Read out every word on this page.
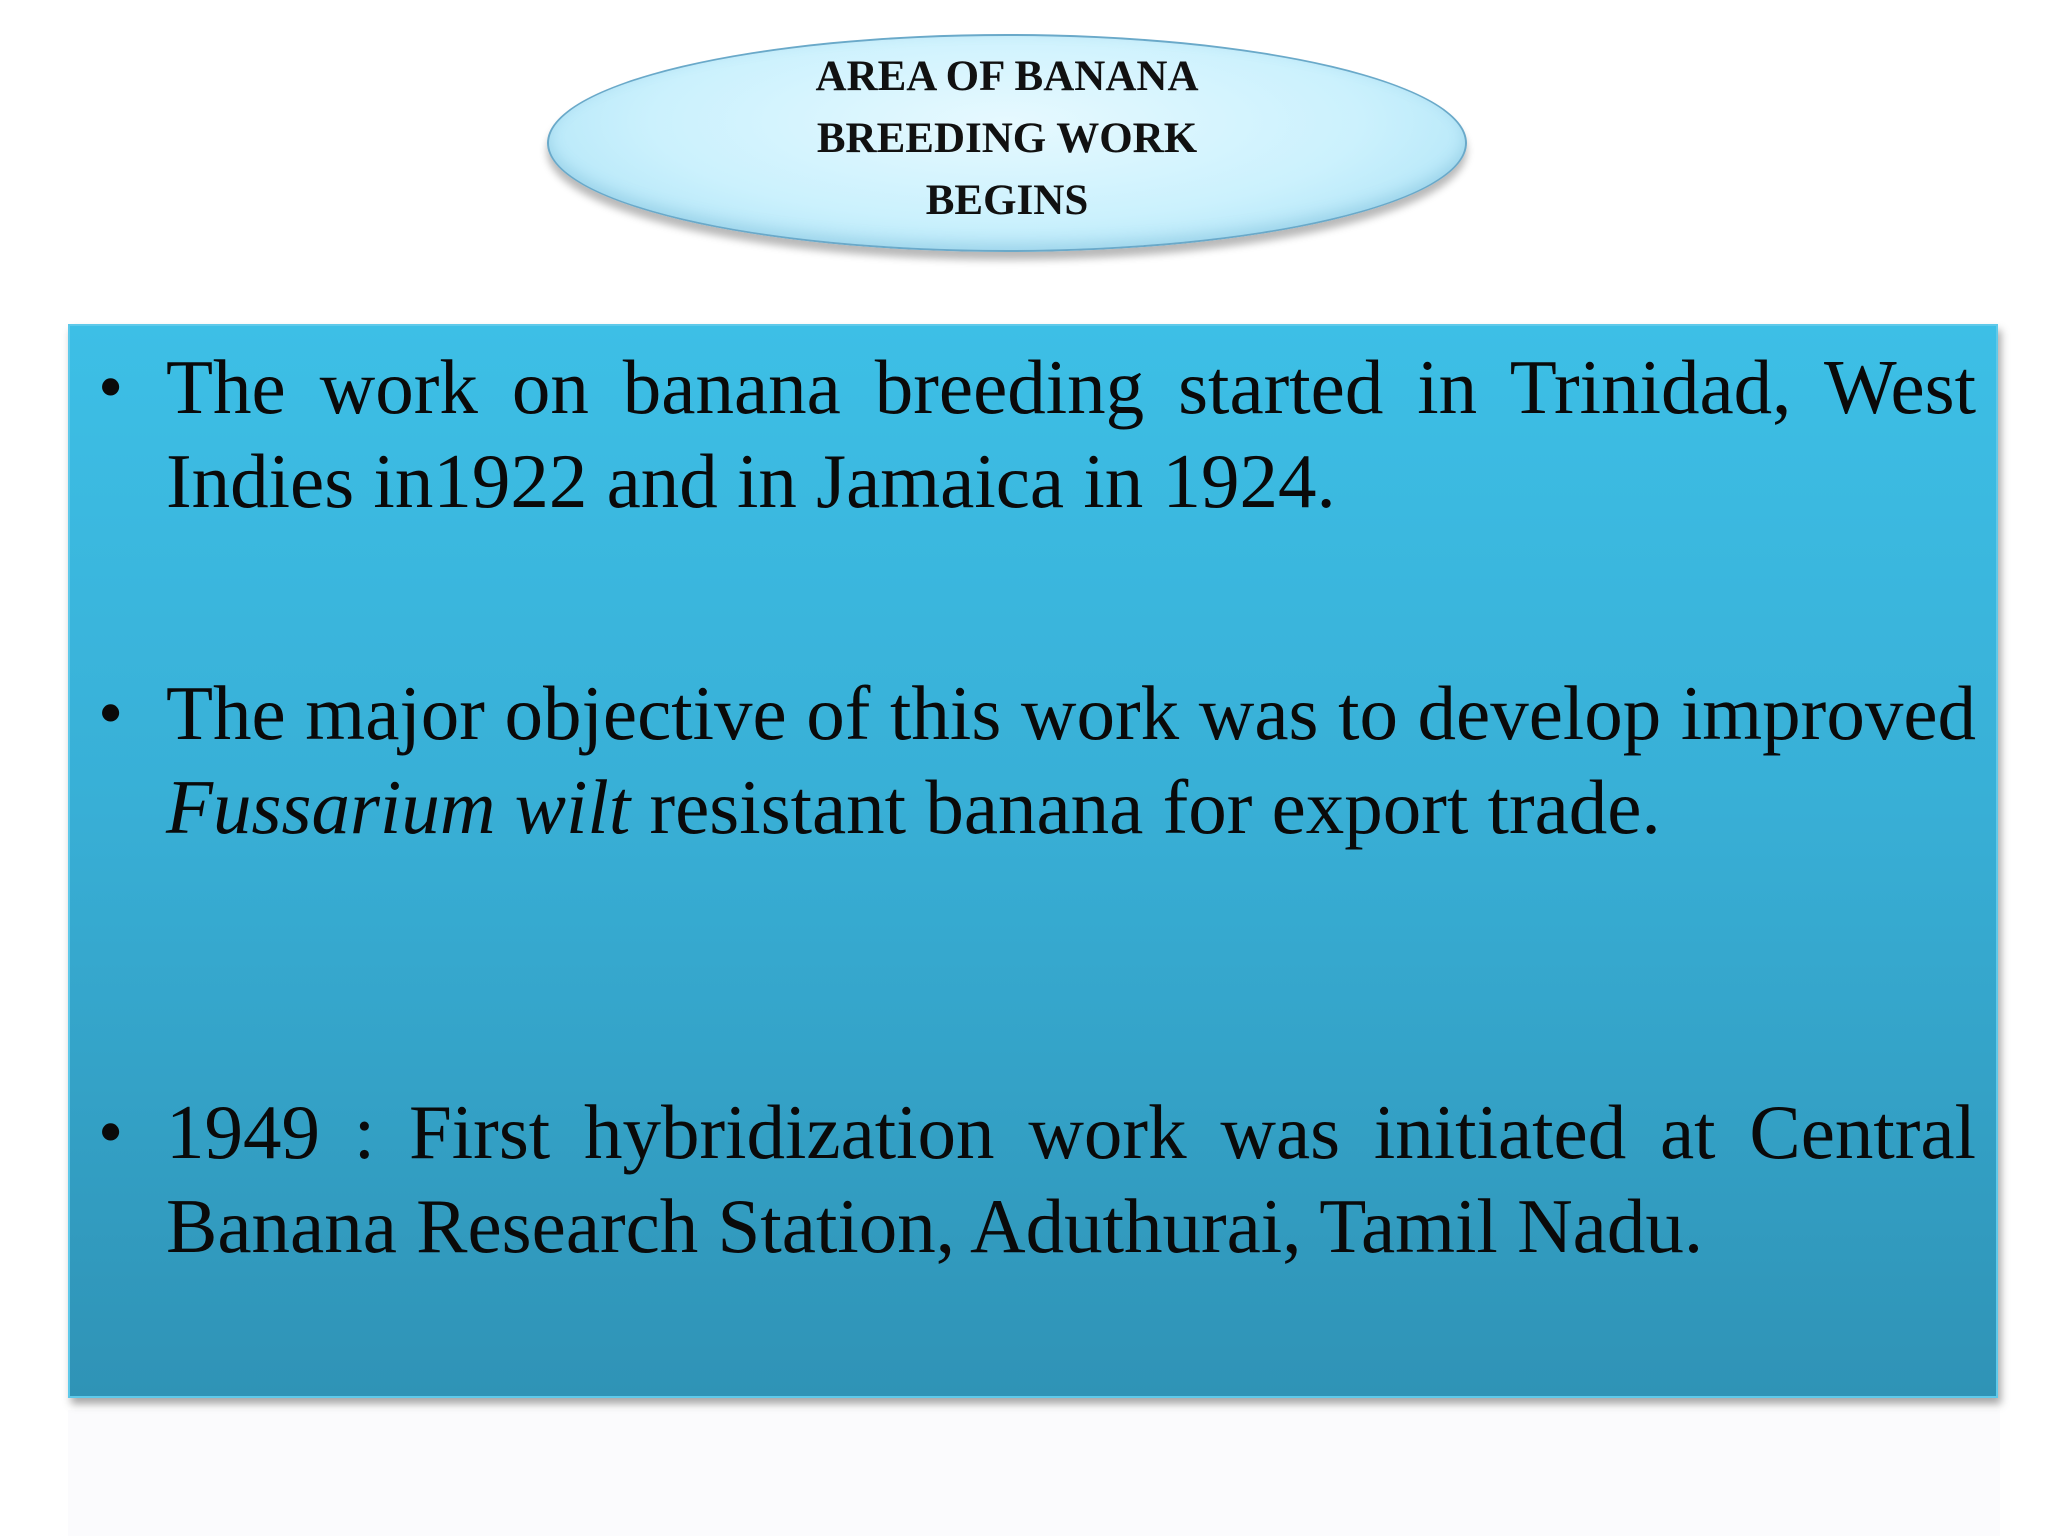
AREA OF BANANA BREEDING WORK BEGINS
• The work on banana breeding started in Trinidad, West Indies in1922 and in Jamaica in 1924.

• The major objective of this work was to develop improved Fussarium wilt resistant banana for export trade.

• 1949 : First hybridization work was initiated at Central Banana Research Station, Aduthurai, Tamil Nadu.
